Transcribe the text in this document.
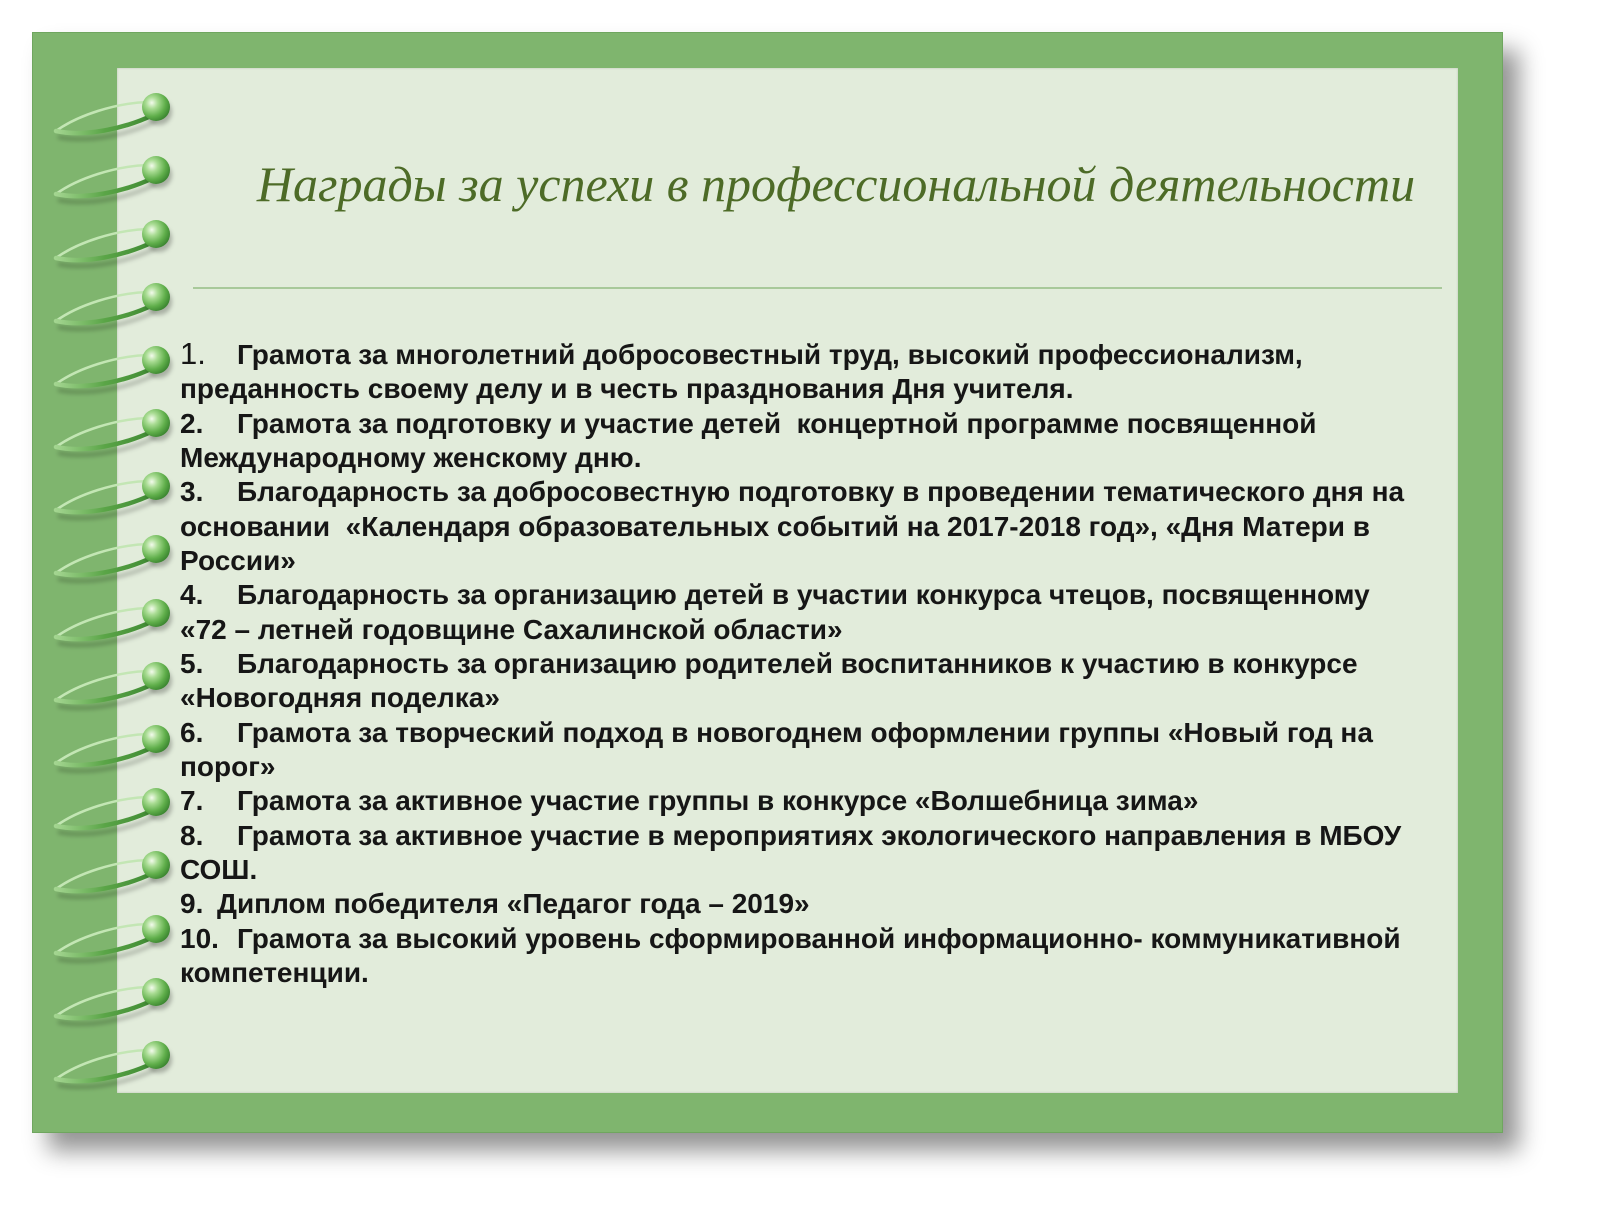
Награды за успехи в профессиональной деятельности
1. Грамота за многолетний добросовестный труд, высокий профессионализм,
преданность своему делу и в честь празднования Дня учителя.
2. Грамота за подготовку и участие детей  концертной программе посвященной
Международному женскому дню.
3. Благодарность за добросовестную подготовку в проведении тематического дня на
основании  «Календаря образовательных событий на 2017-2018 год», «Дня Матери в
России»
4. Благодарность за организацию детей в участии конкурса чтецов, посвященному
«72 – летней годовщине Сахалинской области»
5. Благодарность за организацию родителей воспитанников к участию в конкурсе
«Новогодняя поделка»
6. Грамота за творческий подход в новогоднем оформлении группы «Новый год на
порог»
7. Грамота за активное участие группы в конкурсе «Волшебница зима»
8. Грамота за активное участие в мероприятиях экологического направления в МБОУ
СОШ.
9. Диплом победителя «Педагог года – 2019»
10. Грамота за высокий уровень сформированной информационно- коммуникативной
компетенции.
